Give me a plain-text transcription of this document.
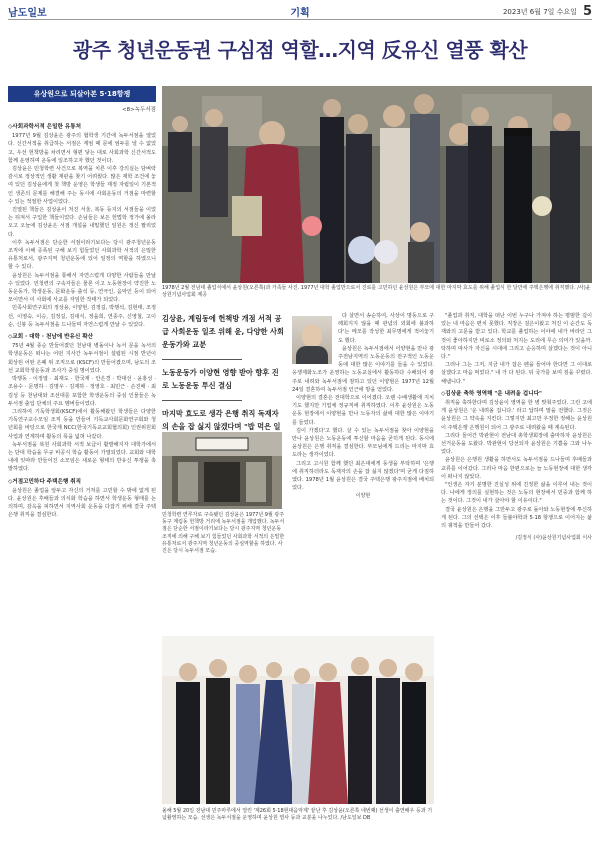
남도일보	기획	2023년 6월 7일 수요일 5
광주 청년운동권 구심점 역할…지역 反유신 열풍 확산
유상원으로 되살아본 5·18항쟁
<8>녹두서점
◇사회과학서적 은밀한 유통처
1977년 9월 김상윤은 광주의 협학생 기간에 녹두서점을 열었다. 신간서적을 취급하는 서점은 계엄 때 문에 엄두를 낼 수 없었고, 우선 헌책방을 차리면서 형편 닿는 대로 사회과학 신간서적도 함께 운영하며 운동에 일조하고자 했던 것이다.
김상윤은 민청학련 사건으로 복역을 치른 이후 강의실는 담벼락 감시로 정상적인 생활 재판을 찾기 어려웠다. 많은 재학 조건에 놓여 있던 김상윤에게 첫 책방 운영은 학생들 재정 자립일이 기본적인 생존의 문제를 해결해 주는 동시에 사회운동의 거점을 마련할 수 있는 적절한 사업이었다.
진열된 책들은 김상윤이 처진 서울, 복동 등지의 서점들을 이었는 뒤져서 구입한 책들이었다. 손님들은 보든 헌법학 정가에 올라오고 오늘에 김상윤은 서점 개설을 내밀했던 일원은 정신 팔리었다.
이후 녹두서점은 단순한 서점이라기보다는 당시 광주청년운동 조직에 이해 증폭된 구해 보기 힘들었던 사회과학 서적의 은밀한 유통처로서, 광주지역 청년운동에 있어 일정의 역할을 하였으니 할 수 있다.
윤상원은 녹두서점을 통해서 자연스럽게 다양한 사람들을 만날 수 있었다. 민청련의 구속자들은 물론 이고 노동현장이 약진한 노동운동가, 학생운동, 문화운동 출석 등, 연극인, 음악인 등이 되어 모이면서 이 사회에 사교를 자임한 작태가 되었다.
민족사회연구회의 정상용, 이양현, 김정길, 박행석, 김현태, 조정선, 이영숙, 이승, 김정길, 김대식, 정을희, 연종주, 신영철, 고이순, 신봉 등 녹두서점을 드나들며 자연스럽게 만날 수 있었다.
◇교회 · 대학 · 천남에 반유신 확산
75년 4월 종순 반들어졌던 천남대 병돌이나 녹서 문을 녹서의 학생운동은 떠나는 어떤 지사간 녹두서점이 설립된 시점 반년이 회상된 어떤 은폐 위 조직으로 (KSCF)의 만들어졌으며, 남도의 조선 교회학생운동과 조사가 중심 명이었다.
박행동 · 이정열 · 최재도 · 한국재 · 안은경 · 박대선 · 윤홍성 · 조용수 · 문명하 · 김명우 · 김재하 · 정영호 · 최민근 · 손진배 · 최김성 등 천남대와 조선대를 포함한 학생운동의 중심 인물들은 녹두서점 출입 단체의 주요 멤버들이었다.
그리하여 기독학생회(KSCF)에서 활동해왔던 학생들은 다양한 기독연구교수모임 조직 등을 만들어 기독교사회문화연구회와 청년회를 바탕으로 한국계 NCC(한국기독교교회협의회) 인권위원회 사업과 연계하며 활동의 폭을 넓혀 나갔다.
녹두서점을 복원 사회과학 서적 보급이 활발해지자 대학가에서는 단대 학습을 무규 비공식 학습 활동이 가열되었다. 교회와 대학 내에 잇따라 만들어진 소모임은 새로운 형태의 반유신 투쟁을 촉발하였다.
◇거점고민하다 주택은행 취직
윤상원은 졸업을 앞두고 자신의 거처를 고민할 수 밖에 없게 된다. 윤상원은 후배들과 의식화 학습을 하면서 학생운동 형태를 논의하며, 감옥을 피하면서 지역사회 운동을 다잡기 위해 결국 주택은행 취직을 결심한다.
1978년 2월 전남대 졸업식에서 윤상원(오른쪽)과 가족들 사진. 1977년 대학 졸업반으로서 진로를 고민하던 윤상원은 부모에 대한 마지막 효도를 위해 졸업식 한 달만에 주택은행에 취직했다. /사)윤상원기념사업회 제공
김상윤, 계림동에 헌책방 개점 서적 공급 사회운동 일조 위해 윤, 다양한 사회운동가와 교분
노동운동가 이양현 영향 받아 향후 진로 노동운동 투신 결심
마지막 효도로 생각 은행 취직 독재자의 손을 잡 싫지 않겠다며 "밥 먹은 일
다 살면서 송순하여, 사상이 명동으로 구례회지지 않을 때 관념의 외회에 불과하다'는 메모를 작성한 최무명에게 적어놓기도 했다.
윤상원은 녹두서점에서 이양현을 만나 광주전남지역의 노동운동의 전구적인 노동운동에 대한 많은 이야기를 들을 수 있었다. 옹쟁제화노조가 운영하는 노동교실에서 활동하다 수배되어 광주로 내려와 녹두서점에 잠하고 있던 이양현은 1977년 12월 24일 결혼하여 녹두서점 인근에 방을 얻었다.
이양현의 결혼은 전대학으로 이어졌다. 오랜 수배생활에 지치기도 했지만 기업체 정규직에 취직하였다. 이후 윤상원은 노동운동 현장에서 이양현을 만나 노동자의 삶에 대한 많은 이야기를 들었다.
김이 가겠다'고 했다. 살 수 있는 녹두서점을 찾아 이양현을 만나 윤상원은 노동운동에 투신할 마음을 굳히게 된다. 동시에 윤상원은 은행 취직을 결심한다. 부모님에게 드리는 마지막 효도라는 생각이었다.
그리고 고시원 함께 했던 최은대에게 동생을 부탁하며 '은행에 취직하더라도 독재자의 손을 잡 싫지 않겠다'며 굳게 다짐하였다. 1978년 1월 윤상원은 결국 주택은행 광주지점에 배치되었다.
이양현
"졸업과 취직, 대학을 떠난 이번 누구나 가져야 하는 평범한 길이었는 내 마음은 편치 못했다. 직장은 걸은이왔고 처진 이 순간도 독재와의 고문을 받고 있다. 학교를 졸업하는 이야에 내가 바라던 그 것이 좋아하지만 비로소 정의와 처지는 도리에 무슨 의미가 있을까. 탁하며 따사가 자신을 시대에 그리고 순응하며 살겠다는 것이 아니다."
그러나 그는 그저, 지금 내가 잡은 펜을 들어야 한다면 그 이대로 살겠다고 마음 먹었다." 내 가 다 된다. 뒤 국가를 보며 짐을 꾸렸다. 해냅니다."
◇김상윤 축하 영역해 "운 내려올 겁니다"
취직을 축하한다며 김상윤이 영역을 한 병 맞춰주었다. 그런 고에게 윤상원은 '운 내려올 겁니다.' 라고 답하며 말을 전했다. 그것은 윤상원은 그 약속을 지킨다. 그렇지만 최고만 우정한 정해는 윤상원이 주택은행 은행원이 되어 그 광주로 내려왔을 때 계속된다.
그리다 들어간 박관현이 전남대 총학생회장에 출마하자 윤상원은 선거운동을 도왔다. 박관현이 당선되자 윤상원은 기쁨을 그와 나누었다.
윤상원은 은행원 생활을 하면서도 녹두서점을 드나들며 후배들과 교류를 이어갔다. 그러나 마음 한편으로는 늘 노동현장에 대한 생각이 떠나지 않았다.
"인생은 자기 분명한 진실성 위에 진정한 삶을 이루어 내는 것이다. 나에게 정의를 실현하는 것은 노동의 현장에서 민중과 함께 하는 것이다. 그것이 내가 살아야 할 이유이다."
결국 윤상원은 은행을 그만두고 광주로 돌아와 노동현장에 투신하게 된다. 그의 선택은 이후 들불야학과 5·18 항쟁으로 이어지는 삶의 궤적을 만들어 갔다.
/김정식 (사)윤상원기념사업회 이사
민청학련 연루자로 구속됐던 김상윤은 1977년 9월 광주 동구 계림동 헌책방 거리에 녹두서점을 개업했다. 녹두서점은 단순한 서점이라기보다는 당시 광주지역 청년운동 조직에 의해 구해 보기 힘들었던 사회과학 서적의 은밀한 유통처로서 광주지역 청년운동의 중심역할을 하였다. 사진은 당시 녹두서점 모습.
올해 5월 20일 전남대 민주마루에서 열린 '제26회 5·18현대음악제' 끝난 후 김상윤(오른쪽 네번째) 선생이 출연배우 등과 기념촬영하는 모습. 선생은 녹두서점을 운영하며 윤상원 열사 등과 교분을 나누었다. /남도일보 DB
